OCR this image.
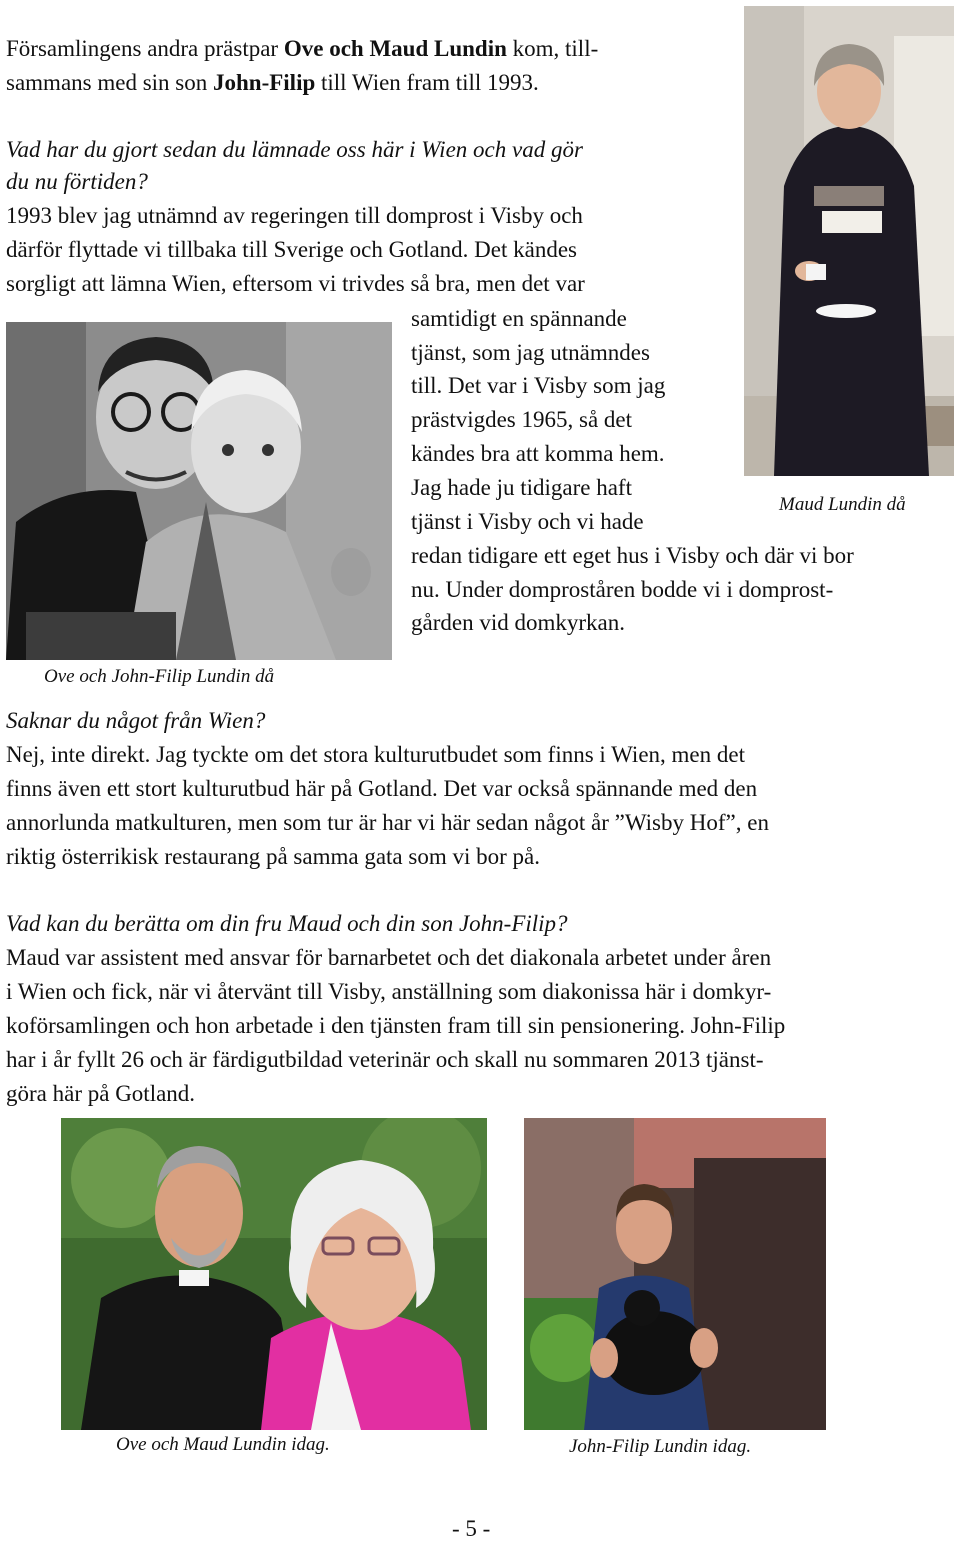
Församlingens andra prästpar Ove och Maud Lundin kom, till-
sammans med sin son John-Filip till Wien fram till 1993.
Vad har du gjort sedan du lämnade oss här i Wien och vad gör
du nu förtiden?
1993 blev jag utnämnd av regeringen till domprost i Visby och
därför flyttade vi tillbaka till Sverige och Gotland. Det kändes
sorgligt att lämna Wien, eftersom vi trivdes så bra, men det var
samtidigt en spännande
tjänst, som jag utnämndes
till. Det var i Visby som jag
prästvigdes 1965, så det
kändes bra att komma hem.
Jag hade ju tidigare haft
tjänst i Visby och vi hade
redan tidigare ett eget hus i Visby och där vi bor
nu. Under domproståren bodde vi i domprost-
gården vid domkyrkan.
Maud Lundin då
Ove och John-Filip Lundin då
Saknar du något från Wien?
Nej, inte direkt. Jag tyckte om det stora kulturutbudet som finns i Wien, men det
finns även ett stort kulturutbud här på Gotland. Det var också spännande med den
annorlunda matkulturen, men som tur är har vi här sedan något år ”Wisby Hof”, en
riktig österrikisk restaurang på samma gata som vi bor på.
Vad kan du berätta om din fru Maud och din son John-Filip?
Maud var assistent med ansvar för barnarbetet och det diakonala arbetet under åren
i Wien och fick, när vi återvänt till Visby, anställning som diakonissa här i domkyr-
koförsamlingen och hon arbetade i den tjänsten fram till sin pensionering. John-Filip
har i år fyllt 26 och är färdigutbildad veterinär och skall nu sommaren 2013 tjänst-
göra här på Gotland.
Ove och Maud Lundin idag.	John-Filip Lundin idag.
- 5 -
